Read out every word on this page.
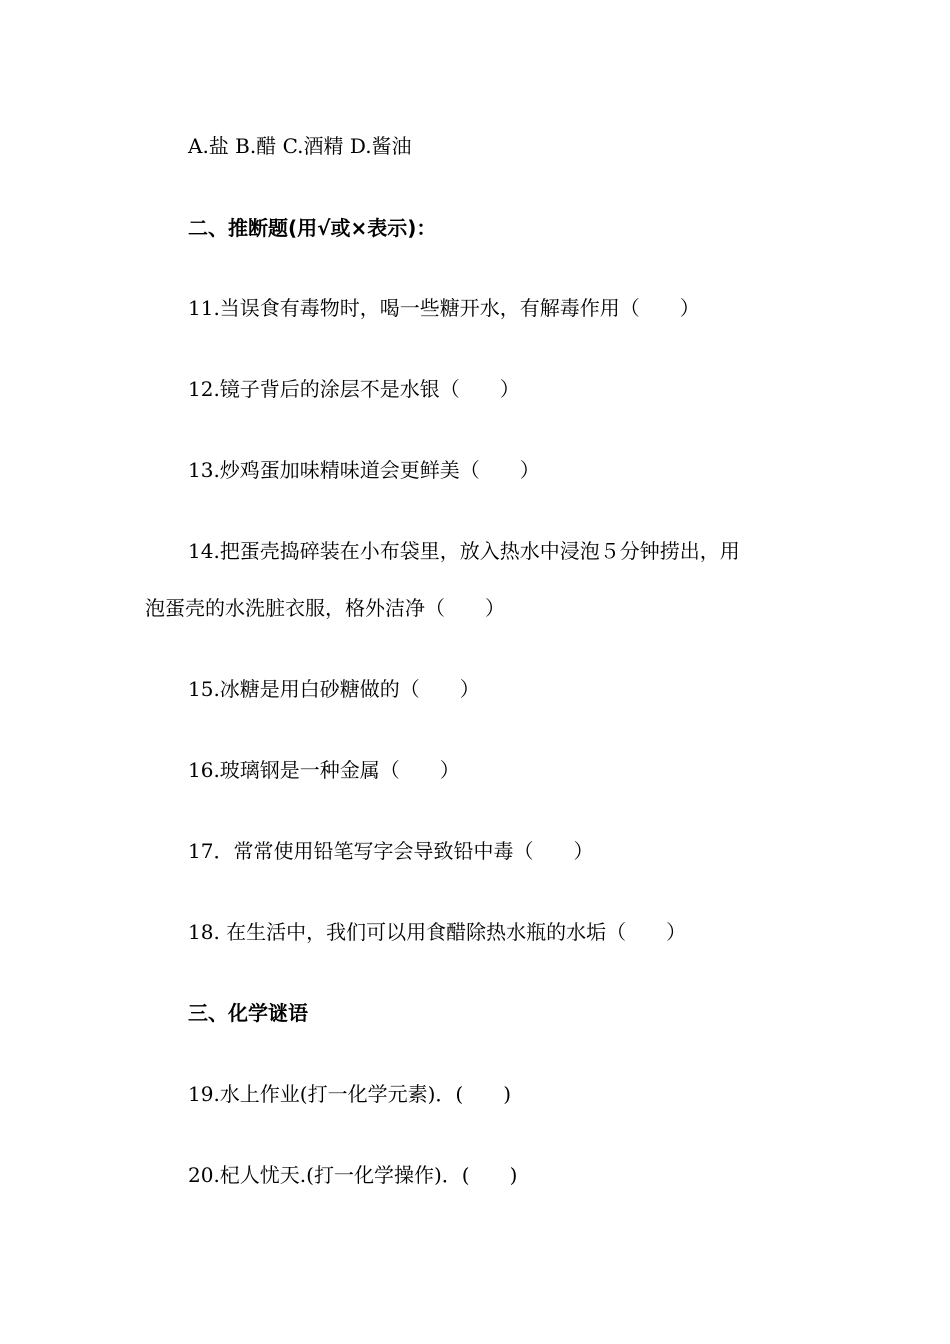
A.盐 B.醋 C.酒精 D.酱油
二、推断题(用√或×表示)：
11.当误食有毒物时，喝一些糖开水，有解毒作用（　　）
12.镜子背后的涂层不是水银（　　）
13.炒鸡蛋加味精味道会更鲜美（　　）
14.把蛋壳捣碎装在小布袋里，放入热水中浸泡５分钟捞出，用
泡蛋壳的水洗脏衣服，格外洁净（　　）
15.冰糖是用白砂糖做的（　　）
16.玻璃钢是一种金属（　　）
17．常常使用铅笔写字会导致铅中毒（　　）
18. 在生活中，我们可以用食醋除热水瓶的水垢（　　）
三、化学谜语
19.水上作业(打一化学元素)．(　　)
20.杞人忧天.(打一化学操作)．(　　)
